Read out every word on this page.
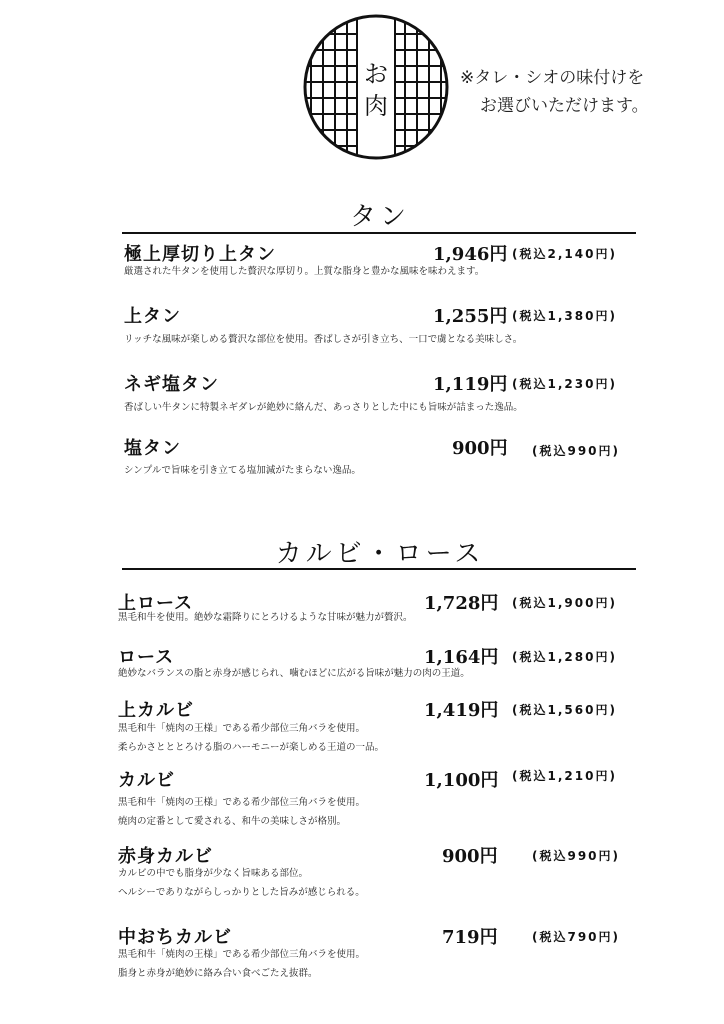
お
肉
※タレ・シオの味付けを
お選びいただけます。
タン
極上厚切り上タン	1,946円 (税込2,140円)
厳選された牛タンを使用した贅沢な厚切り。上質な脂身と豊かな風味を味わえます。
上タン	1,255円 (税込1,380円)
リッチな風味が楽しめる贅沢な部位を使用。香ばしさが引き立ち、一口で虜となる美味しさ。
ネギ塩タン	1,119円 (税込1,230円)
香ばしい牛タンに特製ネギダレが絶妙に絡んだ、あっさりとした中にも旨味が詰まった逸品。
塩タン	900円 (税込990円)
シンプルで旨味を引き立てる塩加減がたまらない逸品。
カルビ・ロース
上ロース	1,728円 (税込1,900円)
黒毛和牛を使用。絶妙な霜降りにとろけるような甘味が魅力が贅沢。
ロース	1,164円 (税込1,280円)
絶妙なバランスの脂と赤身が感じられ、噛むほどに広がる旨味が魅力の肉の王道。
上カルビ	1,419円 (税込1,560円)
黒毛和牛「焼肉の王様」である希少部位三角バラを使用。
柔らかさとととろける脂のハーモニーが楽しめる王道の一品。
カルビ	1,100円 (税込1,210円)
黒毛和牛「焼肉の王様」である希少部位三角バラを使用。
焼肉の定番として愛される、和牛の美味しさが格別。
赤身カルビ	900円	(税込990円)
カルビの中でも脂身が少なく旨味ある部位。
ヘルシーでありながらしっかりとした旨みが感じられる。
中おちカルビ	719円	(税込790円)
黒毛和牛「焼肉の王様」である希少部位三角バラを使用。
脂身と赤身が絶妙に絡み合い食べごたえ抜群。
